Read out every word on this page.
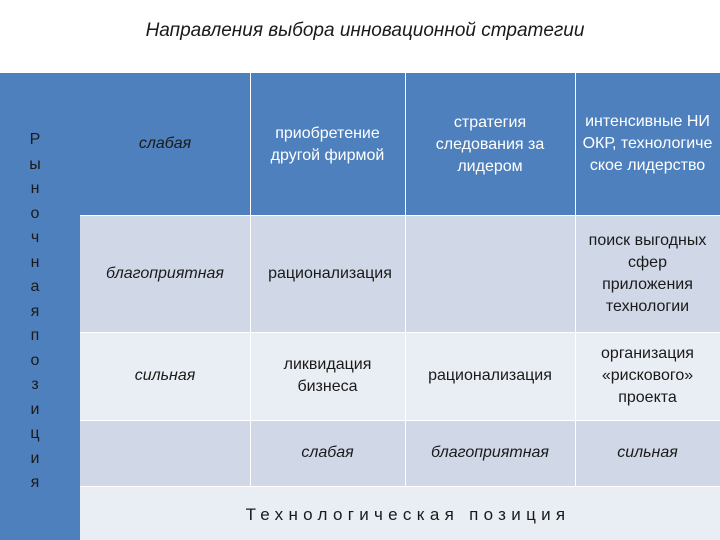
Направления выбора инновационной стратегии
Р
ы
н
о
ч
н
а
я
п
о
з
и
ц
и
я
приобретение другой фирмой
стратегия следования за лидером
интенсивные НИОКР, технологическое лидерство
слабая
благоприятная
сильная
рационализация
поиск выгодных сфер приложения технологии
ликвидация бизнеса
рационализация
организация «рискового» проекта
слабая	благоприятная	сильная
Технологическая позиция
